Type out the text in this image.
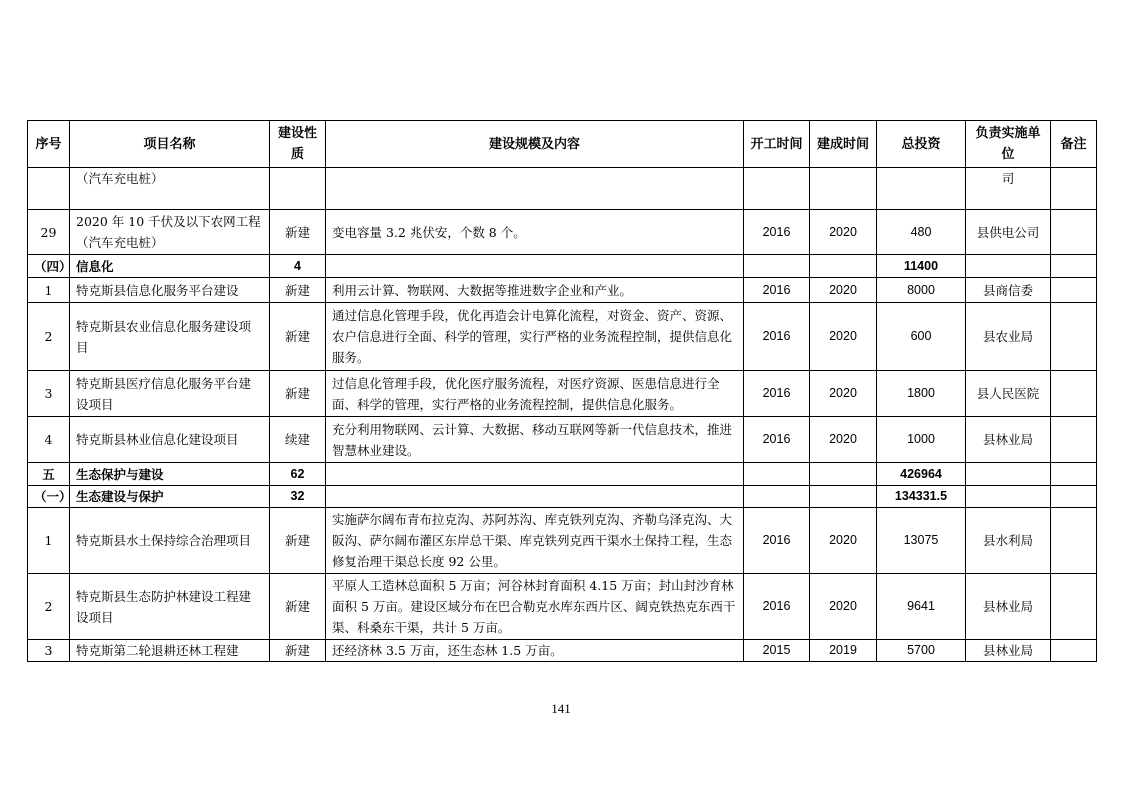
序号	项目名称	建设性质	建设规模及内容	开工时间	建成时间	总投资	负责实施单位	备注
	（汽车充电桩）						司	
29	2020 年 10 千伏及以下农网工程（汽车充电桩）	新建	变电容量 3.2 兆伏安，个数 8 个。	2016	2020	480	县供电公司	
（四）	信息化	4				11400		
1	特克斯县信息化服务平台建设	新建	利用云计算、物联网、大数据等推进数字企业和产业。	2016	2020	8000	县商信委	
2	特克斯县农业信息化服务建设项目	新建	通过信息化管理手段，优化再造会计电算化流程，对资金、资产、资源、农户信息进行全面、科学的管理，实行严格的业务流程控制，提供信息化服务。	2016	2020	600	县农业局	
3	特克斯县医疗信息化服务平台建设项目	新建	过信息化管理手段，优化医疗服务流程，对医疗资源、医患信息进行全面、科学的管理，实行严格的业务流程控制，提供信息化服务。	2016	2020	1800	县人民医院	
4	特克斯县林业信息化建设项目	续建	充分利用物联网、云计算、大数据、移动互联网等新一代信息技术，推进智慧林业建设。	2016	2020	1000	县林业局	
五	生态保护与建设	62				426964		
（一）	生态建设与保护	32				134331.5		
1	特克斯县水土保持综合治理项目	新建	实施萨尔阔布青布拉克沟、苏阿苏沟、库克铁列克沟、齐勒乌泽克沟、大阪沟、萨尔阔布灌区东岸总干渠、库克铁列克西干渠水土保持工程，生态修复治理干渠总长度 92 公里。	2016	2020	13075	县水利局	
2	特克斯县生态防护林建设工程建设项目	新建	平原人工造林总面积 5 万亩；河谷林封育面积 4.15 万亩；封山封沙育林面积 5 万亩。建设区域分布在巴合勒克水库东西片区、阔克铁热克东西干渠、科桑东干渠，共计 5 万亩。	2016	2020	9641	县林业局	
3	特克斯第二轮退耕还林工程建	新建	还经济林 3.5 万亩，还生态林 1.5 万亩。	2015	2019	5700	县林业局	
141
